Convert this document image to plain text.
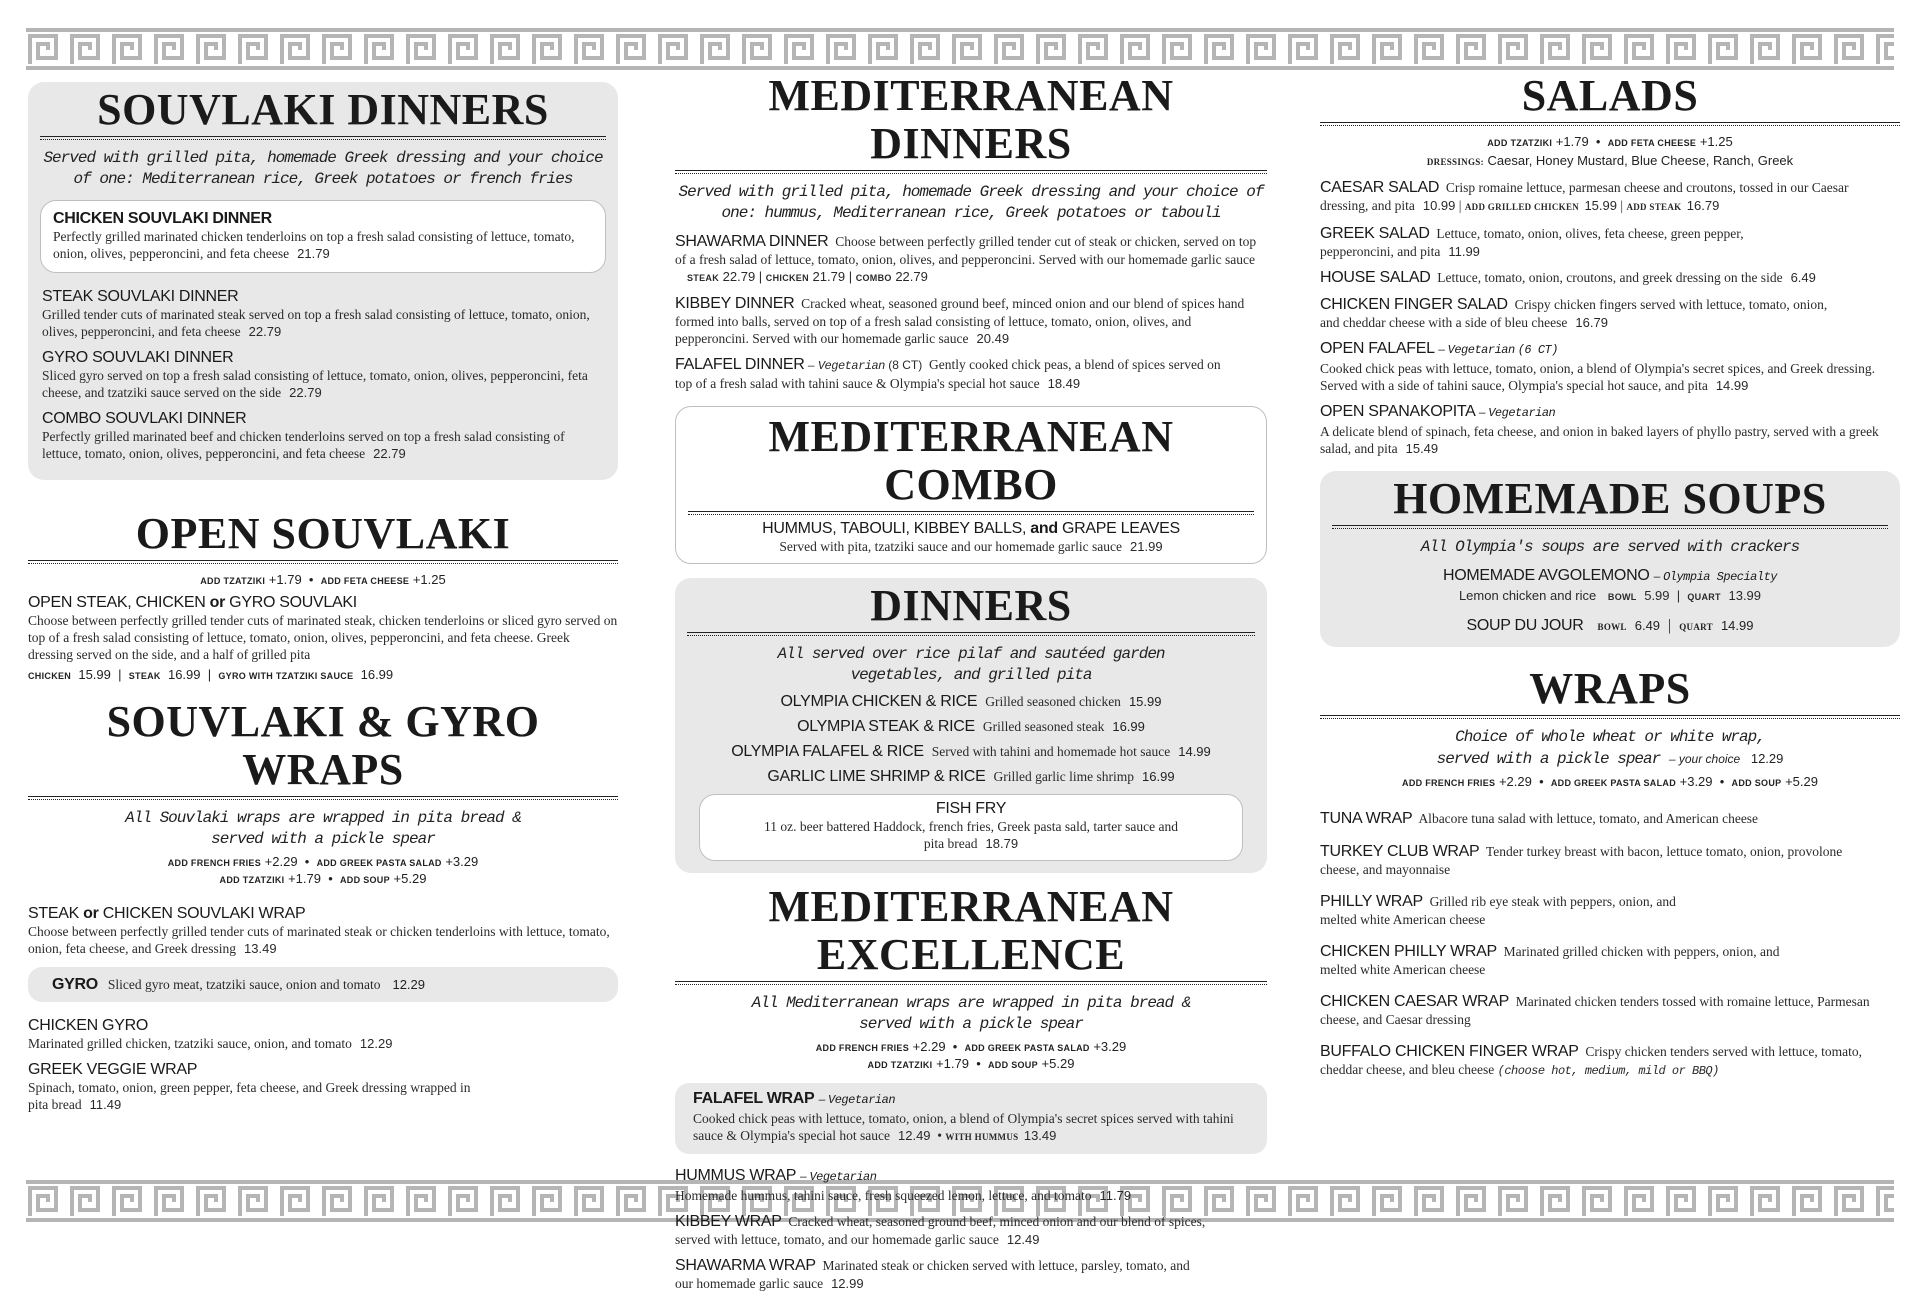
SOUVLAKI DINNERS

Served with grilled pita, homemade Greek dressing and your choice of one: Mediterranean rice, Greek potatoes or french fries

CHICKEN SOUVLAKI DINNER
Perfectly grilled marinated chicken tenderloins on top a fresh salad consisting of lettuce, tomato, onion, olives, pepperoncini, and feta cheese 21.79
STEAK SOUVLAKI DINNER
Grilled tender cuts of marinated steak served on top a fresh salad consisting of lettuce, tomato, onion, olives, pepperoncini, and feta cheese 22.79
GYRO SOUVLAKI DINNER
Sliced gyro served on top a fresh salad consisting of lettuce, tomato, onion, olives, pepperoncini, feta cheese, and tzatziki sauce served on the side 22.79
COMBO SOUVLAKI DINNER
Perfectly grilled marinated beef and chicken tenderloins served on top a fresh salad consisting of lettuce, tomato, onion, olives, pepperoncini, and feta cheese 22.79
OPEN SOUVLAKI
ADD TZATZIKI +1.79  •  ADD FETA CHEESE +1.25
OPEN STEAK, CHICKEN or GYRO SOUVLAKI
Choose between perfectly grilled tender cuts of marinated steak, chicken tenderloins or sliced gyro served on top of a fresh salad consisting of lettuce, tomato, onion, olives, pepperoncini, and feta cheese. Greek dressing served on the side, and a half of grilled pita
CHICKEN 15.99  |  STEAK 16.99  |  GYRO WITH TZATZIKI SAUCE 16.99
SOUVLAKI & GYRO WRAPS

All Souvlaki wraps are wrapped in pita bread & served with a pickle spear

ADD FRENCH FRIES +2.29  •  ADD GREEK PASTA SALAD +3.29
ADD TZATZIKI +1.79  •  ADD SOUP +5.29
STEAK or CHICKEN SOUVLAKI WRAP
Choose between perfectly grilled tender cuts of marinated steak or chicken tenderloins with lettuce, tomato, onion, feta cheese, and Greek dressing 13.49
GYRO Sliced gyro meat, tzatziki sauce, onion and tomato 12.29
CHICKEN GYRO
Marinated grilled chicken, tzatziki sauce, onion, and tomato 12.29
GREEK VEGGIE WRAP
Spinach, tomato, onion, green pepper, feta cheese, and Greek dressing wrapped in pita bread 11.49
MEDITERRANEAN DINNERS

Served with grilled pita, homemade Greek dressing and your choice of one: hummus, Mediterranean rice, Greek potatoes or tabouli

SHAWARMA DINNER Choose between perfectly grilled tender cut of steak or chicken, served on top of a fresh salad of lettuce, tomato, onion, olives, and pepperoncini. Served with our homemade garlic sauce STEAK 22.79 | CHICKEN 21.79 | COMBO 22.79
KIBBEY DINNER Cracked wheat, seasoned ground beef, minced onion and our blend of spices hand formed into balls, served on top of a fresh salad consisting of lettuce, tomato, onion, olives, and pepperoncini. Served with our homemade garlic sauce 20.49
FALAFEL DINNER – Vegetarian (8 CT) Gently cooked chick peas, a blend of spices served on top of a fresh salad with tahini sauce & Olympia's special hot sauce 18.49
MEDITERRANEAN COMBO
HUMMUS, TABOULI, KIBBEY BALLS, and GRAPE LEAVES
Served with pita, tzatziki sauce and our homemade garlic sauce 21.99
DINNERS

All served over rice pilaf and sautéed garden vegetables, and grilled pita

OLYMPIA CHICKEN & RICE Grilled seasoned chicken 15.99
OLYMPIA STEAK & RICE Grilled seasoned steak 16.99
OLYMPIA FALAFEL & RICE Served with tahini and homemade hot sauce 14.99
GARLIC LIME SHRIMP & RICE Grilled garlic lime shrimp 16.99
FISH FRY
11 oz. beer battered Haddock, french fries, Greek pasta sald, tarter sauce and pita bread 18.79
MEDITERRANEAN EXCELLENCE

All Mediterranean wraps are wrapped in pita bread & served with a pickle spear

ADD FRENCH FRIES +2.29  •  ADD GREEK PASTA SALAD +3.29
ADD TZATZIKI +1.79  •  ADD SOUP +5.29
FALAFEL WRAP – Vegetarian
Cooked chick peas with lettuce, tomato, onion, a blend of Olympia's secret spices served with tahini sauce & Olympia's special hot sauce 12.49  • WITH HUMMUS 13.49
HUMMUS WRAP – Vegetarian
Homemade hummus, tahini sauce, fresh squeezed lemon, lettuce, and tomato 11.79
KIBBEY WRAP Cracked wheat, seasoned ground beef, minced onion and our blend of spices, served with lettuce, tomato, and our homemade garlic sauce 12.49
SHAWARMA WRAP Marinated steak or chicken served with lettuce, parsley, tomato, and our homemade garlic sauce 12.99
SALADS
ADD TZATZIKI +1.79  •  ADD FETA CHEESE +1.25
DRESSINGS: Caesar, Honey Mustard, Blue Cheese, Ranch, Greek
CAESAR SALAD Crisp romaine lettuce, parmesan cheese and croutons, tossed in our Caesar dressing, and pita 10.99 | ADD GRILLED CHICKEN 15.99 | ADD STEAK 16.79
GREEK SALAD Lettuce, tomato, onion, olives, feta cheese, green pepper, pepperoncini, and pita 11.99
HOUSE SALAD Lettuce, tomato, onion, croutons, and greek dressing on the side 6.49
CHICKEN FINGER SALAD Crispy chicken fingers served with lettuce, tomato, onion, and cheddar cheese with a side of bleu cheese 16.79
OPEN FALAFEL – Vegetarian (6 CT)
Cooked chick peas with lettuce, tomato, onion, a blend of Olympia's secret spices, and Greek dressing. Served with a side of tahini sauce, Olympia's special hot sauce, and pita 14.99
OPEN SPANAKOPITA – Vegetarian
A delicate blend of spinach, feta cheese, and onion in baked layers of phyllo pastry, served with a greek salad, and pita 15.49
HOMEMADE SOUPS

All Olympia's soups are served with crackers

HOMEMADE AVGOLEMONO – Olympia Specialty
Lemon chicken and rice BOWL 5.99  |  QUART 13.99
SOUP DU JOUR BOWL 6.49  |  QUART 14.99
WRAPS

Choice of whole wheat or white wrap,
served with a pickle spear – your choice 12.29

ADD FRENCH FRIES +2.29  •  ADD GREEK PASTA SALAD +3.29  •  ADD SOUP +5.29
TUNA WRAP Albacore tuna salad with lettuce, tomato, and American cheese
TURKEY CLUB WRAP Tender turkey breast with bacon, lettuce tomato, onion, provolone cheese, and mayonnaise
PHILLY WRAP Grilled rib eye steak with peppers, onion, and melted white American cheese
CHICKEN PHILLY WRAP Marinated grilled chicken with peppers, onion, and melted white American cheese
CHICKEN CAESAR WRAP Marinated chicken tenders tossed with romaine lettuce, Parmesan cheese, and Caesar dressing
BUFFALO CHICKEN FINGER WRAP Crispy chicken tenders served with lettuce, tomato, cheddar cheese, and bleu cheese (choose hot, medium, mild or BBQ)
